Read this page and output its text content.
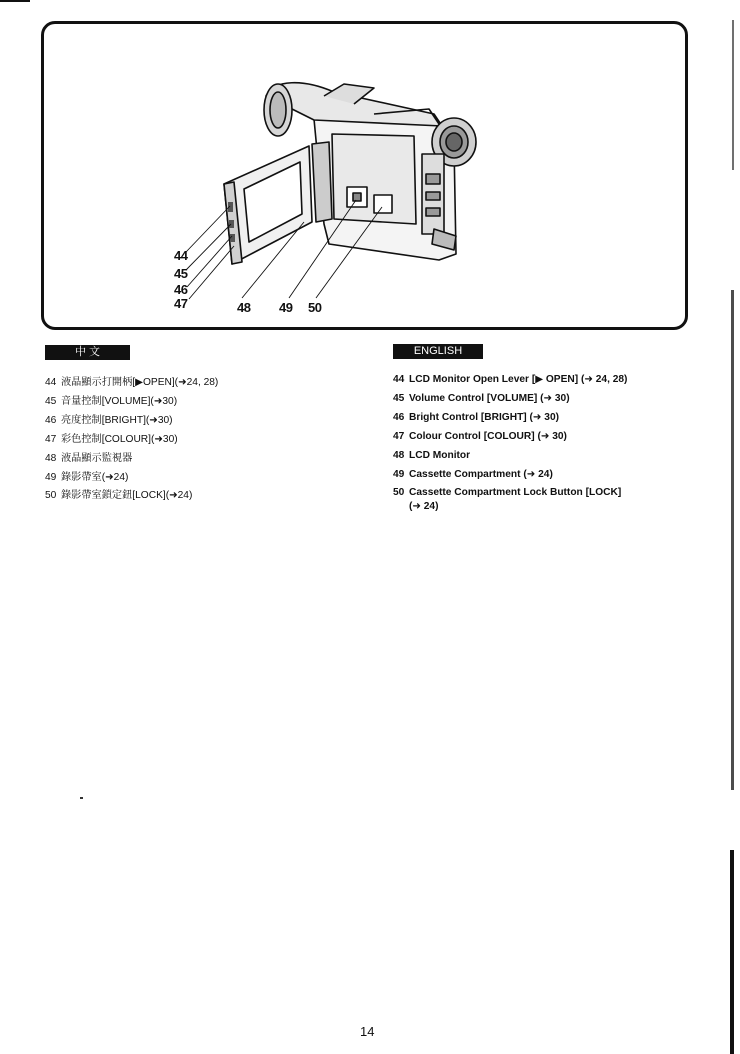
44
45
46
47	48 49 50
中 文
44 液晶顯示打開柄[▶OPEN](➜24, 28)
45 音量控制[VOLUME](➜30)
46 亮度控制[BRIGHT](➜30)
47 彩色控制[COLOUR](➜30)
48 液晶顯示監視器
49 錄影帶室(➜24)
50 錄影帶室鎖定鈕[LOCK](➜24)
ENGLISH
44 LCD Monitor Open Lever [▶ OPEN] (➜ 24, 28)
45 Volume Control [VOLUME] (➜ 30)
46 Bright Control [BRIGHT] (➜ 30)
47 Colour Control [COLOUR] (➜ 30)
48 LCD Monitor
49 Cassette Compartment (➜ 24)
50 Cassette Compartment Lock Button [LOCK]
(➜ 24)
14
